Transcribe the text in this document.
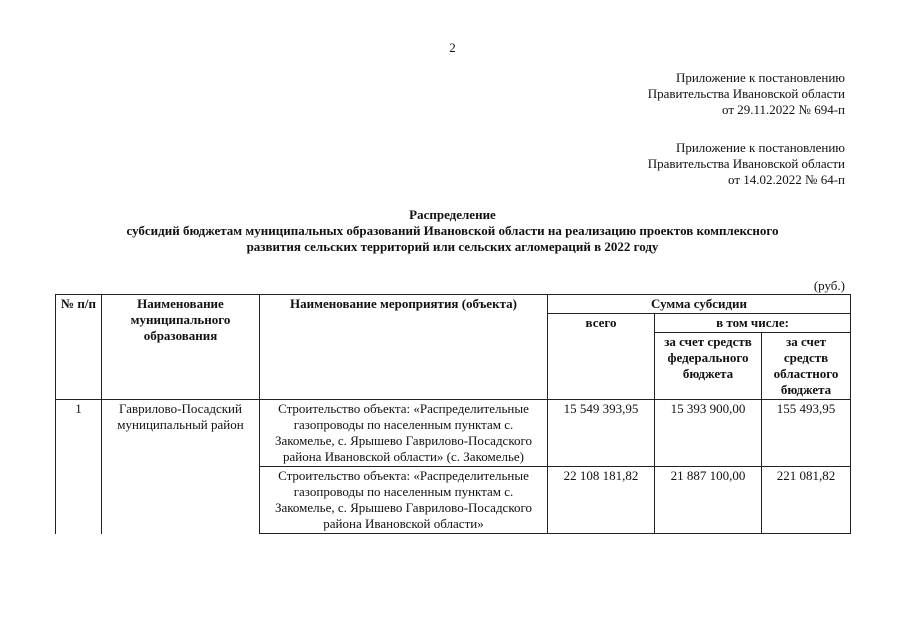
2
Приложение к постановлению
Правительства Ивановской области
от 29.11.2022 № 694-п
Приложение к постановлению
Правительства Ивановской области
от 14.02.2022 № 64-п
Распределение
субсидий бюджетам муниципальных образований Ивановской области на реализацию проектов комплексного
развития сельских территорий или сельских агломераций в 2022 году
(руб.)
№ п/п	Наименование муниципального образования	Наименование мероприятия (объекта)	Сумма субсидии		
			всего	в том числе:	
				за счет средств федерального бюджета	за счет средств областного бюджета
1	Гаврилово-Посадский муниципальный район	Строительство объекта: «Распределительные газопроводы по населенным пунктам с. Закомелье, с. Ярышево Гаврилово-Посадского района Ивановской области» (с. Закомелье)	15 549 393,95	15 393 900,00	155 493,95
		Строительство объекта: «Распределительные газопроводы по населенным пунктам с. Закомелье, с. Ярышево Гаврилово-Посадского района Ивановской области»	22 108 181,82	21 887 100,00	221 081,82
